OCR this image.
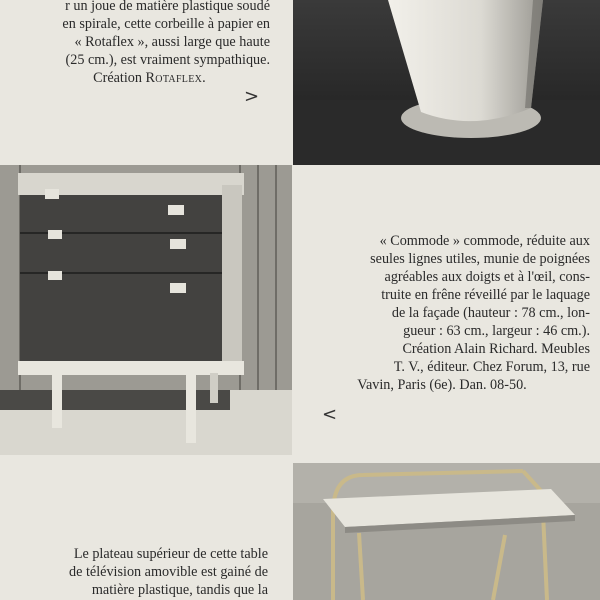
r un joue de matière plastique soudé
en spirale, cette corbeille à papier en
« Rotaflex », aussi large que haute
(25 cm.), est vraiment sympathique.
Création Rotaflex.
>
« Commode » commode, réduite aux
seules lignes utiles, munie de poignées
agréables aux doigts et à l'œil, cons-
truite en frêne réveillé par le laquage
de la façade (hauteur : 78 cm., lon-
gueur : 63 cm., largeur : 46 cm.).
Création Alain Richard. Meubles
T. V., éditeur. Chez Forum, 13, rue
Vavin, Paris (6e). Dan. 08-50.
<
Le plateau supérieur de cette table
de télévision amovible est gainé de
matière plastique, tandis que la
